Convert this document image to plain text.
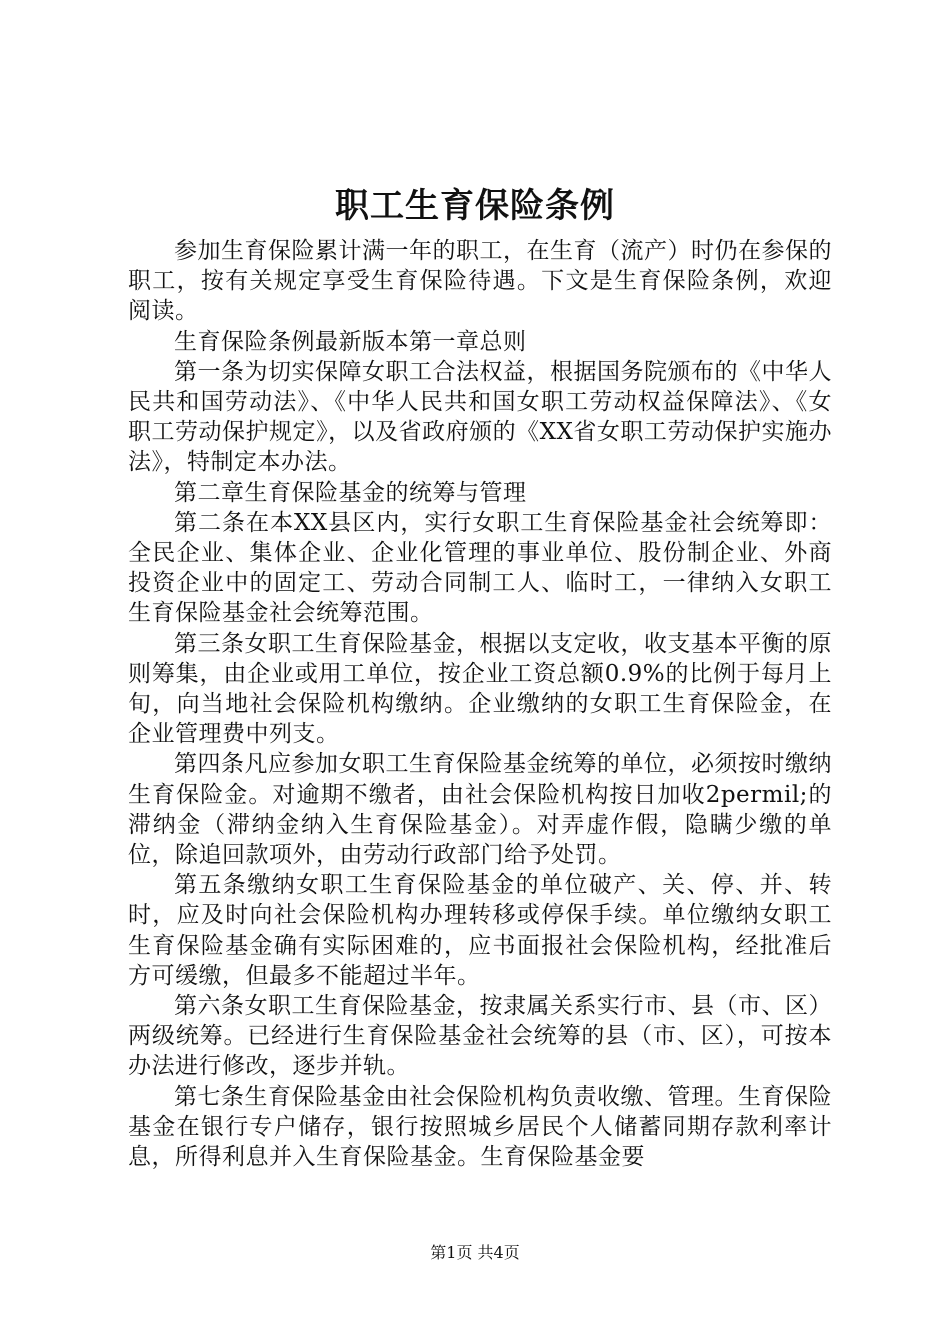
职工生育保险条例

参加生育保险累计满一年的职工，在生育（流产）时仍在参保的职工，按有关规定享受生育保险待遇。下文是生育保险条例，欢迎阅读。

生育保险条例最新版本第一章总则

第一条为切实保障女职工合法权益，根据国务院颁布的《中华人民共和国劳动法》、《中华人民共和国女职工劳动权益保障法》、《女职工劳动保护规定》，以及省政府颁的《XX省女职工劳动保护实施办法》，特制定本办法。

第二章生育保险基金的统筹与管理

第二条在本XX县区内，实行女职工生育保险基金社会统筹即：全民企业、集体企业、企业化管理的事业单位、股份制企业、外商投资企业中的固定工、劳动合同制工人、临时工，一律纳入女职工生育保险基金社会统筹范围。

第三条女职工生育保险基金，根据以支定收，收支基本平衡的原则筹集，由企业或用工单位，按企业工资总额0.9%的比例于每月上旬，向当地社会保险机构缴纳。企业缴纳的女职工生育保险金，在企业管理费中列支。

第四条凡应参加女职工生育保险基金统筹的单位，必须按时缴纳生育保险金。对逾期不缴者，由社会保险机构按日加收2permil;的滞纳金（滞纳金纳入生育保险基金）。对弄虚作假，隐瞒少缴的单位，除追回款项外，由劳动行政部门给予处罚。

第五条缴纳女职工生育保险基金的单位破产、关、停、并、转时，应及时向社会保险机构办理转移或停保手续。单位缴纳女职工生育保险基金确有实际困难的，应书面报社会保险机构，经批准后方可缓缴，但最多不能超过半年。

第六条女职工生育保险基金，按隶属关系实行市、县（市、区）两级统筹。已经进行生育保险基金社会统筹的县（市、区），可按本办法进行修改，逐步并轨。

第七条生育保险基金由社会保险机构负责收缴、管理。生育保险基金在银行专户储存，银行按照城乡居民个人储蓄同期存款利率计息，所得利息并入生育保险基金。生育保险基金要

第1页 共4页
